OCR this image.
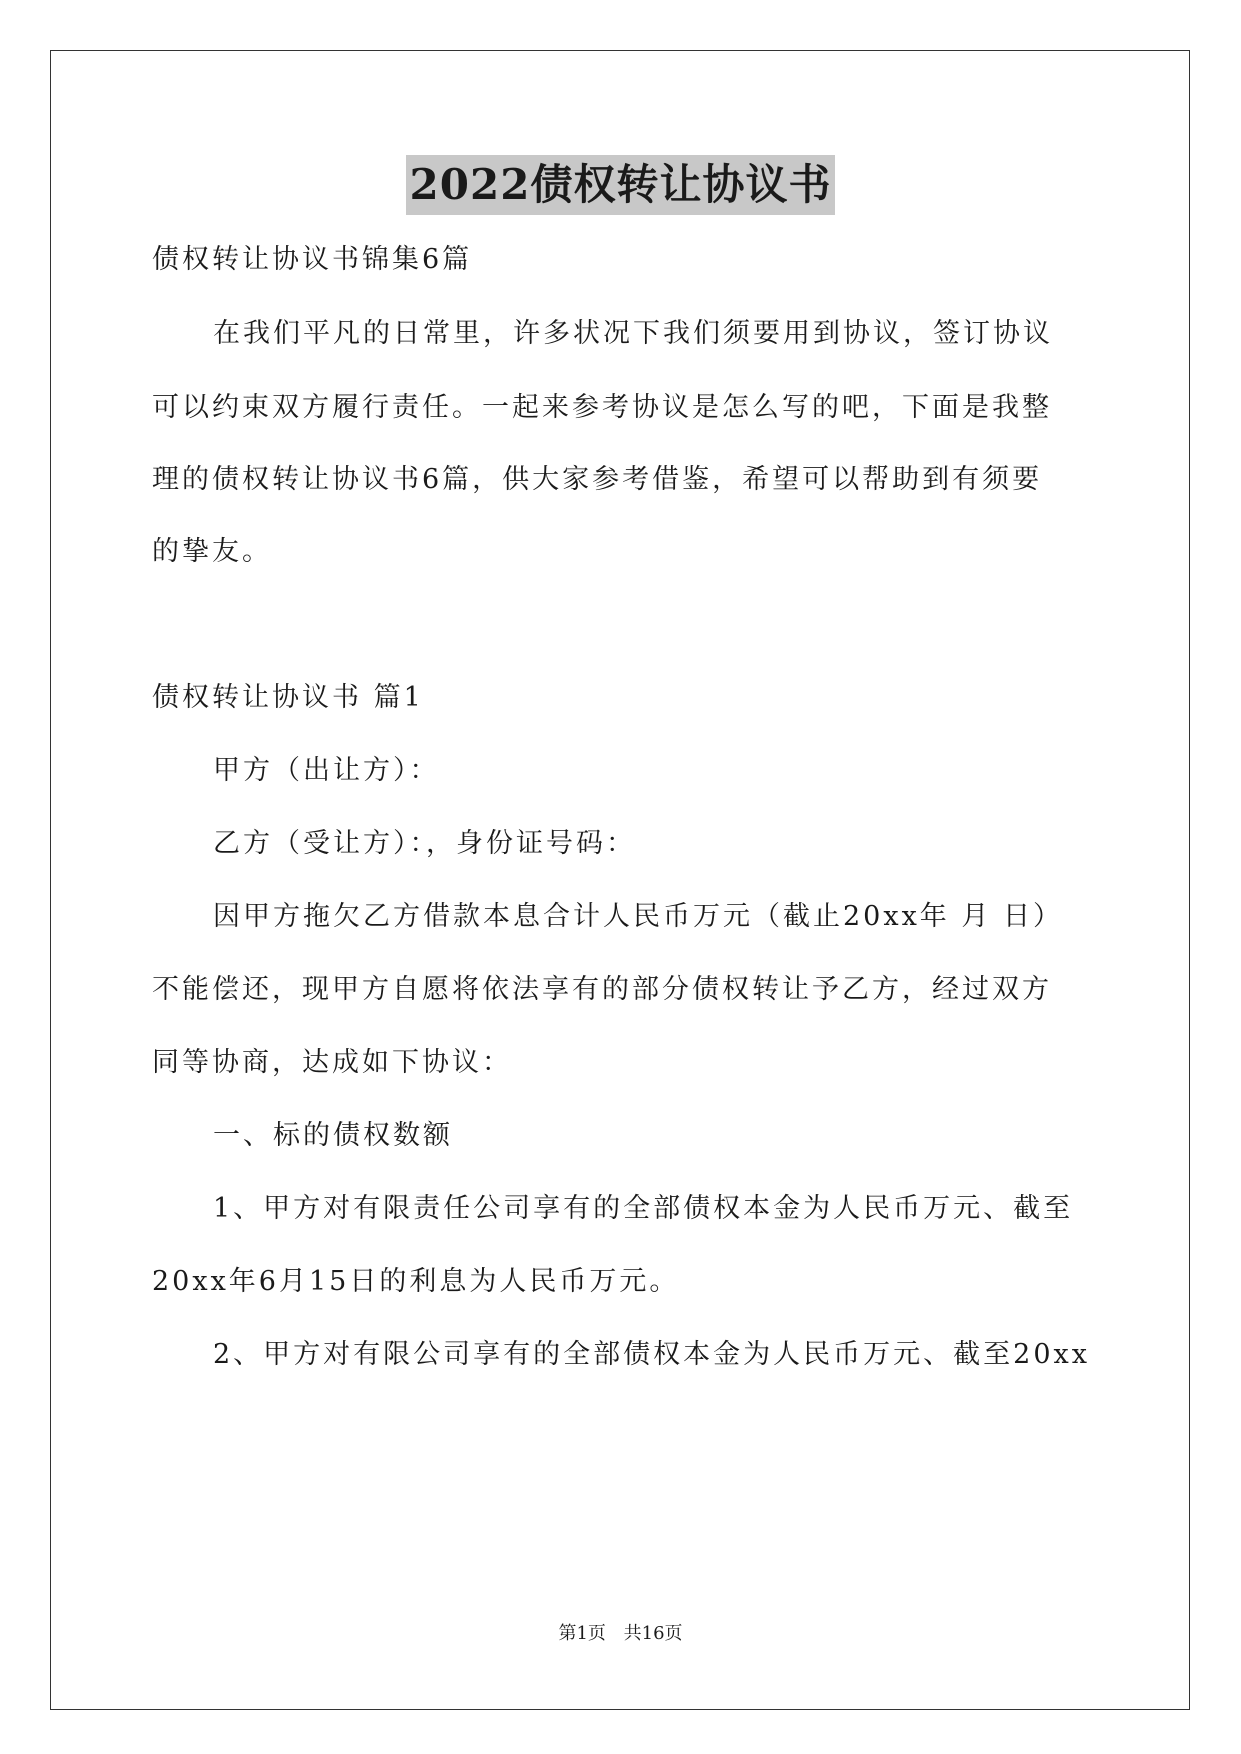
2022债权转让协议书
债权转让协议书锦集6篇
在我们平凡的日常里，许多状况下我们须要用到协议，签订协议
可以约束双方履行责任。一起来参考协议是怎么写的吧，下面是我整
理的债权转让协议书6篇，供大家参考借鉴，希望可以帮助到有须要
的挚友。
债权转让协议书 篇1
甲方（出让方）：
乙方（受让方）：，身份证号码：
因甲方拖欠乙方借款本息合计人民币万元（截止20xx年 月 日）
不能偿还，现甲方自愿将依法享有的部分债权转让予乙方，经过双方
同等协商，达成如下协议：
一、标的债权数额
1、甲方对有限责任公司享有的全部债权本金为人民币万元、截至
20xx年6月15日的利息为人民币万元。
2、甲方对有限公司享有的全部债权本金为人民币万元、截至20xx
第1页 共16页
